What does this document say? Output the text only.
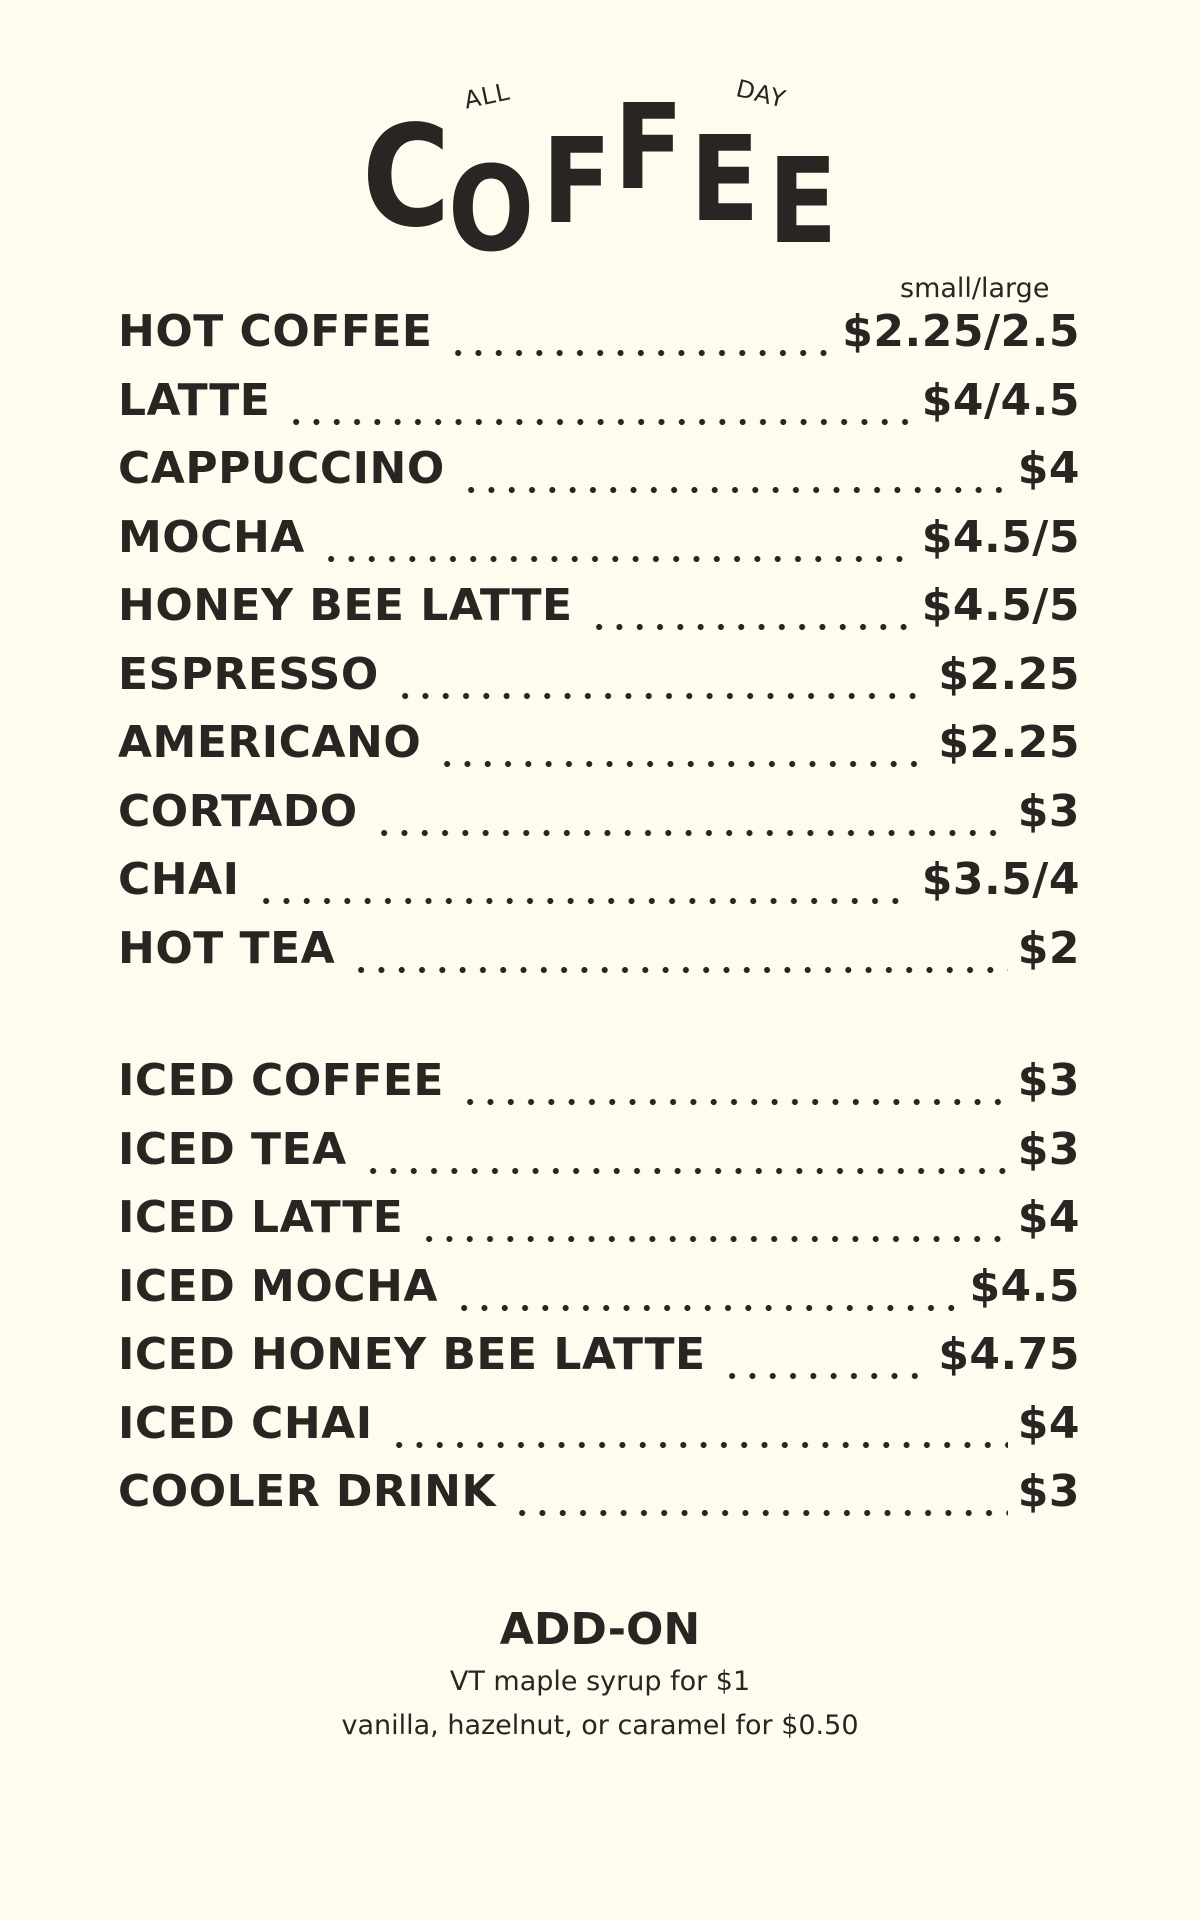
ALL	DAY
C
O F F E E
small/large
HOT COFFEE	$2.25/2.5
LATTE	$4/4.5
CAPPUCCINO	$4
MOCHA	$4.5/5
HONEY BEE LATTE	$4.5/5
ESPRESSO	$2.25
AMERICANO	$2.25
CORTADO	$3
CHAI	$3.5/4
HOT TEA	$2
ICED COFFEE	$3
ICED TEA	$3
ICED LATTE	$4
ICED MOCHA	$4.5
ICED HONEY BEE LATTE	$4.75
ICED CHAI	$4
COOLER DRINK	$3
ADD-ON

VT maple syrup for $1

vanilla, hazelnut, or caramel for $0.50
